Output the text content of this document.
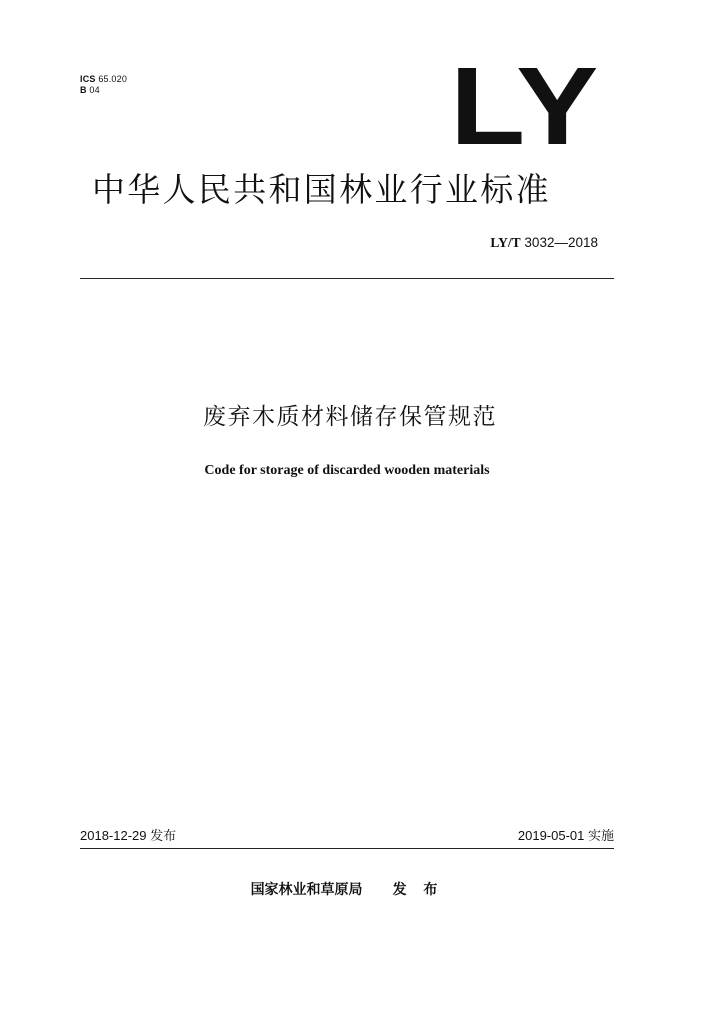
ICS 65.020
B 04	LY
中华人民共和国林业行业标准
LY/T 3032—2018
废弃木质材料储存保管规范
Code for storage of discarded wooden materials
2018-12-29 发布	2019-05-01 实施
国家林业和草原局 发 布
